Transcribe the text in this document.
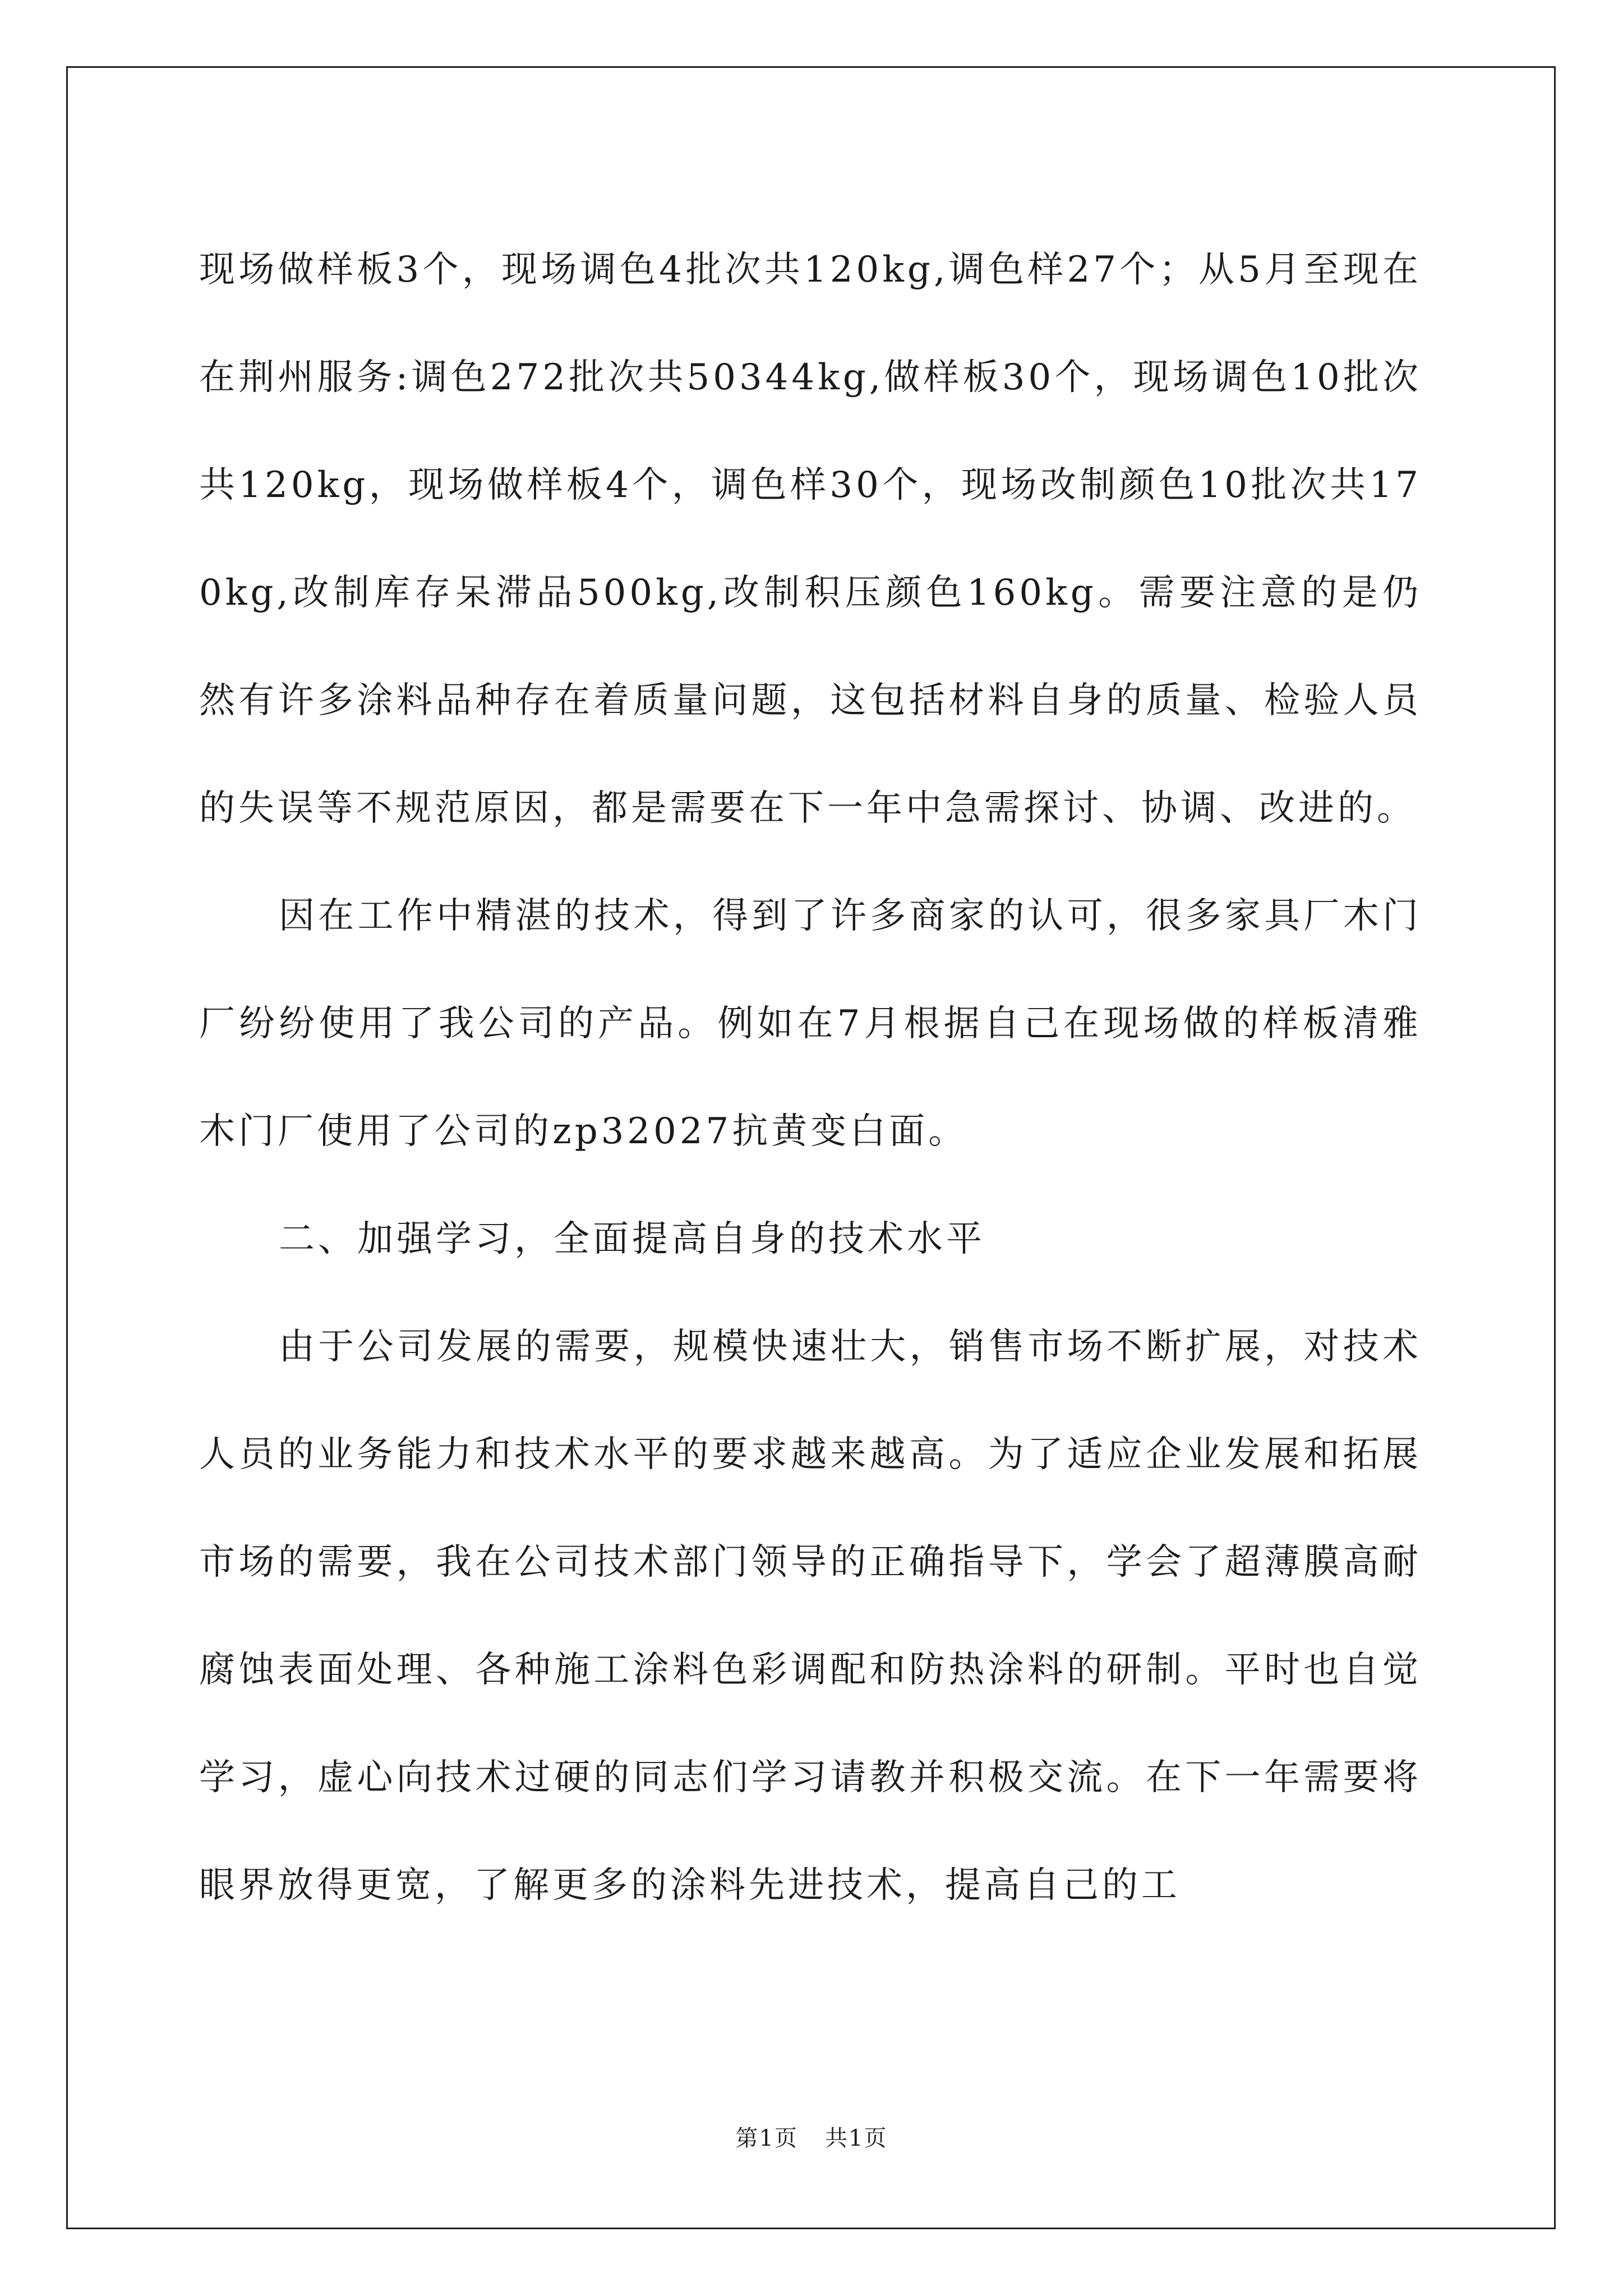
现场做样板3个，现场调色4批次共120kg,调色样27个；从5月至现在在荆州服务:调色272批次共50344kg,做样板30个，现场调色10批次共120kg，现场做样板4个，调色样30个，现场改制颜色10批次共170kg,改制库存呆滞品500kg,改制积压颜色160kg。需要注意的是仍然有许多涂料品种存在着质量问题，这包括材料自身的质量、检验人员的失误等不规范原因，都是需要在下一年中急需探讨、协调、改进的。

因在工作中精湛的技术，得到了许多商家的认可，很多家具厂木门厂纷纷使用了我公司的产品。例如在7月根据自己在现场做的样板清雅木门厂使用了公司的zp32027抗黄变白面。

二、加强学习，全面提高自身的技术水平

由于公司发展的需要，规模快速壮大，销售市场不断扩展，对技术人员的业务能力和技术水平的要求越来越高。为了适应企业发展和拓展市场的需要，我在公司技术部门领导的正确指导下，学会了超薄膜高耐腐蚀表面处理、各种施工涂料色彩调配和防热涂料的研制。平时也自觉学习，虚心向技术过硬的同志们学习请教并积极交流。在下一年需要将眼界放得更宽，了解更多的涂料先进技术，提高自己的工

第1页 共1页
